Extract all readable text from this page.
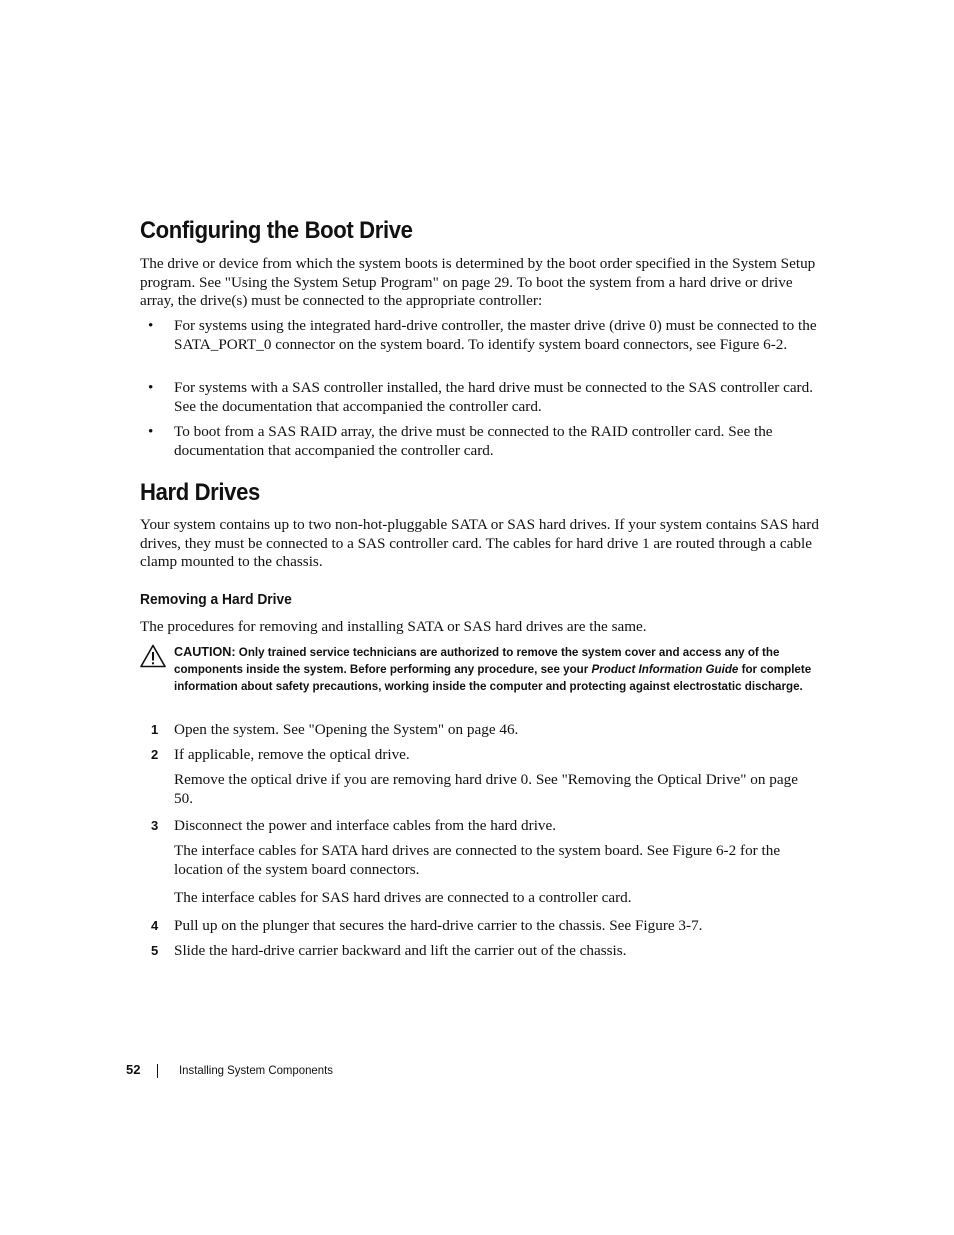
Configuring the Boot Drive

The drive or device from which the system boots is determined by the boot order specified in the System Setup program. See "Using the System Setup Program" on page 29. To boot the system from a hard drive or drive array, the drive(s) must be connected to the appropriate controller:

• For systems using the integrated hard-drive controller, the master drive (drive 0) must be connected to the SATA_PORT_0 connector on the system board. To identify system board connectors, see Figure 6-2.
• For systems with a SAS controller installed, the hard drive must be connected to the SAS controller card. See the documentation that accompanied the controller card.
• To boot from a SAS RAID array, the drive must be connected to the RAID controller card. See the documentation that accompanied the controller card.
Hard Drives

Your system contains up to two non-hot-pluggable SATA or SAS hard drives. If your system contains SAS hard drives, they must be connected to a SAS controller card. The cables for hard drive 1 are routed through a cable clamp mounted to the chassis.

Removing a Hard Drive

The procedures for removing and installing SATA or SAS hard drives are the same.

CAUTION: Only trained service technicians are authorized to remove the system cover and access any of the components inside the system. Before performing any procedure, see your Product Information Guide for complete information about safety precautions, working inside the computer and protecting against electrostatic discharge.
1 Open the system. See "Opening the System" on page 46.
2 If applicable, remove the optical drive.

Remove the optical drive if you are removing hard drive 0. See "Removing the Optical Drive" on page 50.

3 Disconnect the power and interface cables from the hard drive.

The interface cables for SATA hard drives are connected to the system board. See Figure 6-2 for the location of the system board connectors.

The interface cables for SAS hard drives are connected to a controller card.

4 Pull up on the plunger that secures the hard-drive carrier to the chassis. See Figure 3-7.
5 Slide the hard-drive carrier backward and lift the carrier out of the chassis.
52	Installing System Components
